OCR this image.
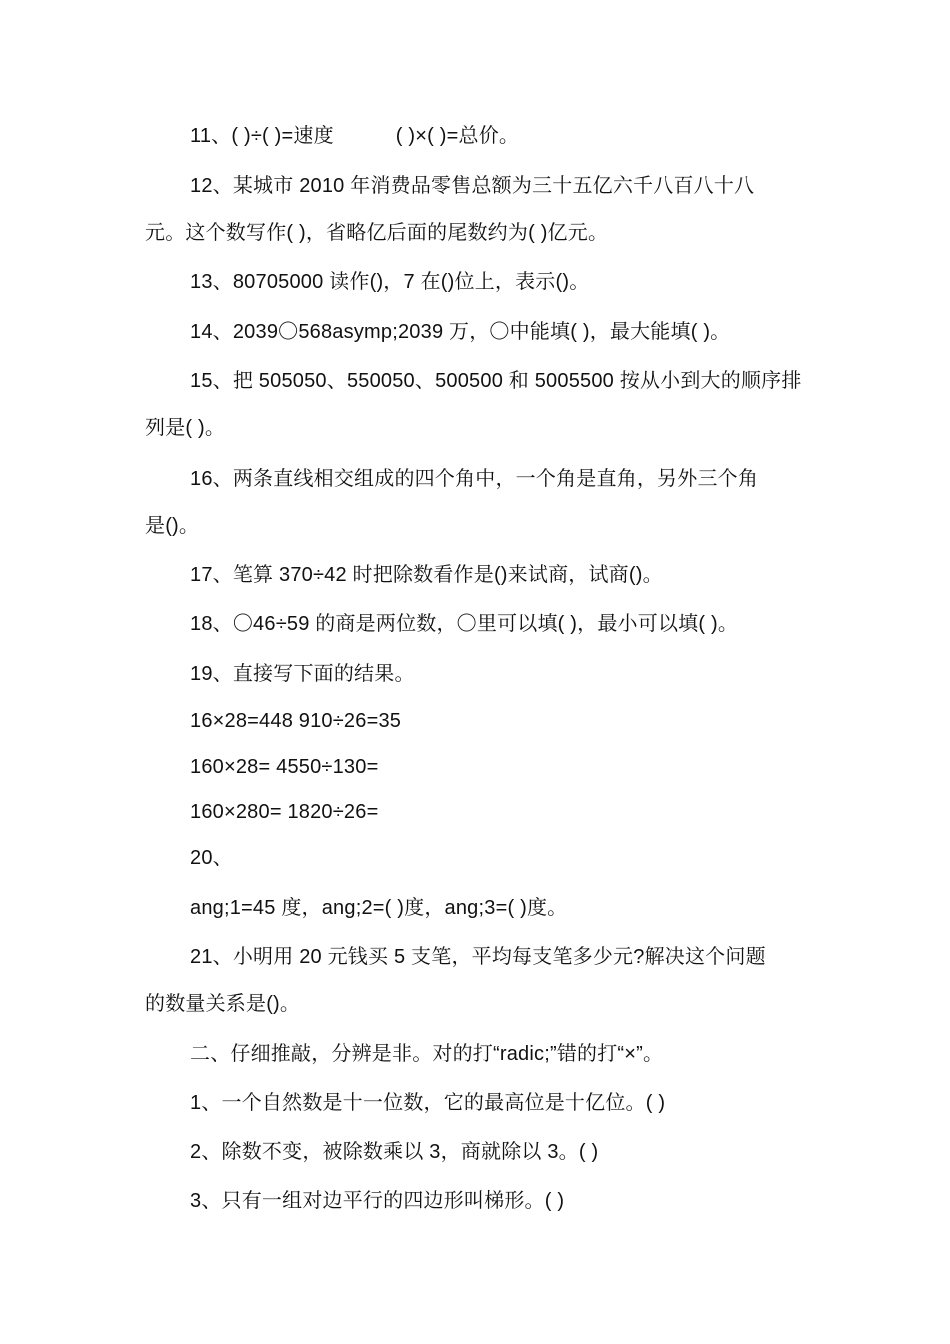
11、( )÷( )=速度	( )×( )=总价。
12、某城市 2010 年消费品零售总额为三十五亿六千八百八十八
元。这个数写作( )，省略亿后面的尾数约为( )亿元。
13、80705000 读作()，7 在()位上，表示()。
14、2039〇568asymp;2039 万，〇中能填( )，最大能填( )。
15、把 505050、550050、500500 和 5005500 按从小到大的顺序排
列是( )。
16、两条直线相交组成的四个角中，一个角是直角，另外三个角
是()。
17、笔算 370÷42 时把除数看作是()来试商，试商()。
18、〇46÷59 的商是两位数，〇里可以填( )，最小可以填( )。
19、直接写下面的结果。
16×28=448 910÷26=35
160×28= 4550÷130=
160×280= 1820÷26=
20、
ang;1=45 度，ang;2=( )度，ang;3=( )度。
21、小明用 20 元钱买 5 支笔，平均每支笔多少元?解决这个问题
的数量关系是()。
二、仔细推敲，分辨是非。对的打“radic;”错的打“×”。
1、一个自然数是十一位数，它的最高位是十亿位。( )
2、除数不变，被除数乘以 3，商就除以 3。( )
3、只有一组对边平行的四边形叫梯形。( )
